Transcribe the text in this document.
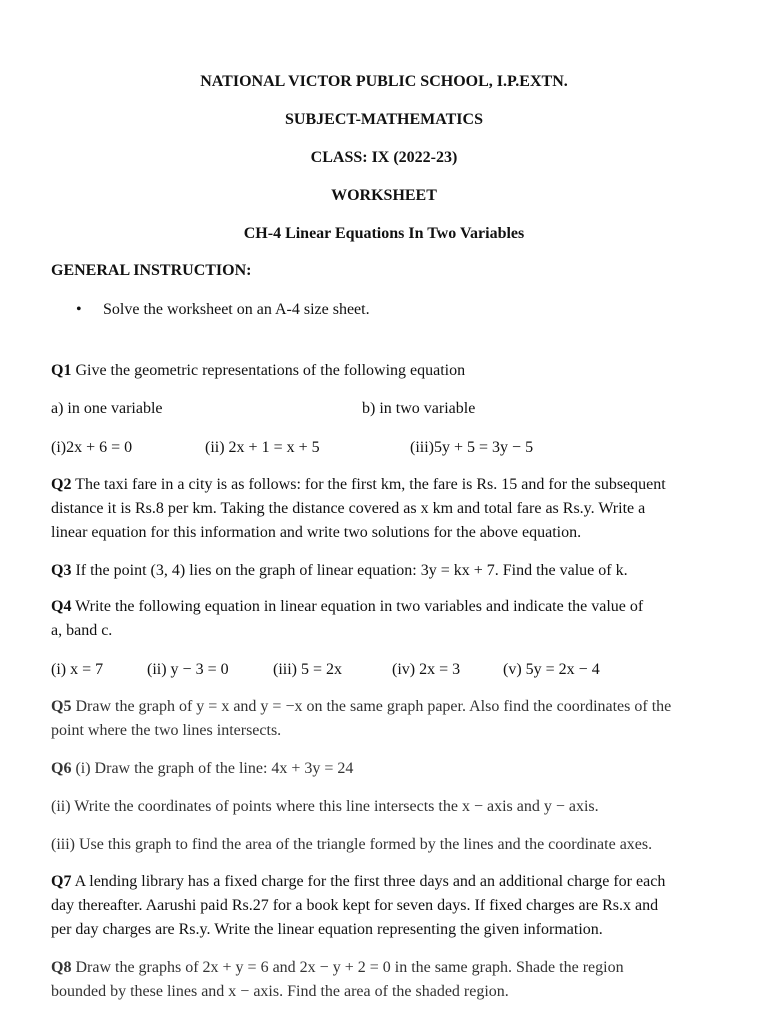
NATIONAL VICTOR PUBLIC SCHOOL, I.P.EXTN.
SUBJECT-MATHEMATICS
CLASS: IX (2022-23)
WORKSHEET
CH-4 Linear Equations In Two Variables
GENERAL INSTRUCTION:
• Solve the worksheet on an A-4 size sheet.
Q1 Give the geometric representations of the following equation
a) in one variable	b) in two variable
(i)2x + 6 = 0	(ii) 2x + 1 = x + 5	(iii)5y + 5 = 3y − 5
Q2 The taxi fare in a city is as follows: for the first km, the fare is Rs. 15 and for the subsequent
distance it is Rs.8 per km. Taking the distance covered as x km and total fare as Rs.y. Write a
linear equation for this information and write two solutions for the above equation.
Q3 If the point (3, 4) lies on the graph of linear equation: 3y = kx + 7. Find the value of k.
Q4 Write the following equation in linear equation in two variables and indicate the value of
a, band c.
(i) x = 7	(ii) y − 3 = 0	(iii) 5 = 2x	(iv) 2x = 3	(v) 5y = 2x − 4
Q5 Draw the graph of y = x and y = −x on the same graph paper. Also find the coordinates of the
point where the two lines intersects.
Q6 (i) Draw the graph of the line: 4x + 3y = 24
(ii) Write the coordinates of points where this line intersects the x − axis and y − axis.
(iii) Use this graph to find the area of the triangle formed by the lines and the coordinate axes.
Q7 A lending library has a fixed charge for the first three days and an additional charge for each
day thereafter. Aarushi paid Rs.27 for a book kept for seven days. If fixed charges are Rs.x and
per day charges are Rs.y. Write the linear equation representing the given information.
Q8 Draw the graphs of 2x + y = 6 and 2x − y + 2 = 0 in the same graph. Shade the region
bounded by these lines and x − axis. Find the area of the shaded region.
